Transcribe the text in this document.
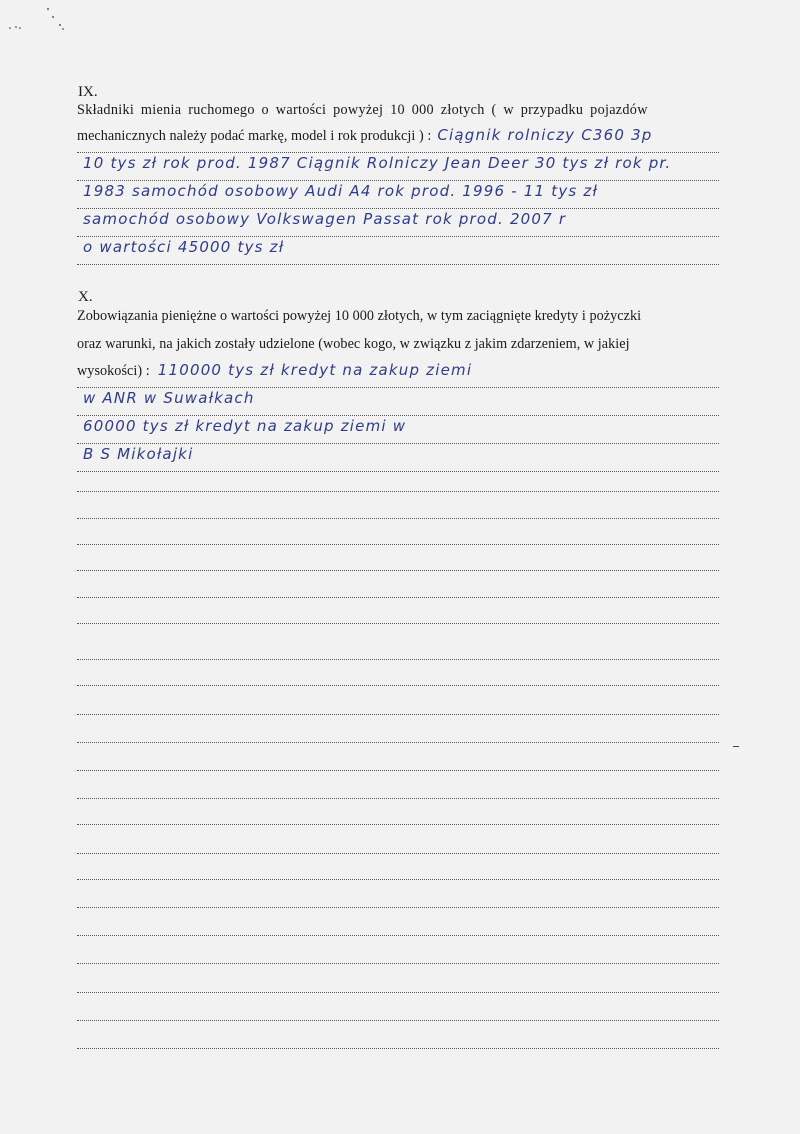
IX.
Składniki mienia ruchomego o wartości powyżej 10 000 złotych ( w przypadku pojazdów
mechanicznych należy podać markę, model i rok produkcji ) : Ciągnik rolniczy C360 3p
10 tys zł rok prod. 1987 Ciągnik Rolniczy Jean Deer 30 tys zł rok pr.
1983 samochód osobowy Audi A4 rok prod. 1996 - 11 tys zł
samochód osobowy Volkswagen Passat rok prod. 2007 r
o wartości 45000 tys zł
X.
Zobowiązania pieniężne o wartości powyżej 10 000 złotych, w tym zaciągnięte kredyty i pożyczki
oraz warunki, na jakich zostały udzielone (wobec kogo, w związku z jakim zdarzeniem, w jakiej
wysokości) : 110000 tys zł kredyt na zakup ziemi
w ANR w Suwałkach
60000 tys zł kredyt na zakup ziemi w
B S Mikołajki
